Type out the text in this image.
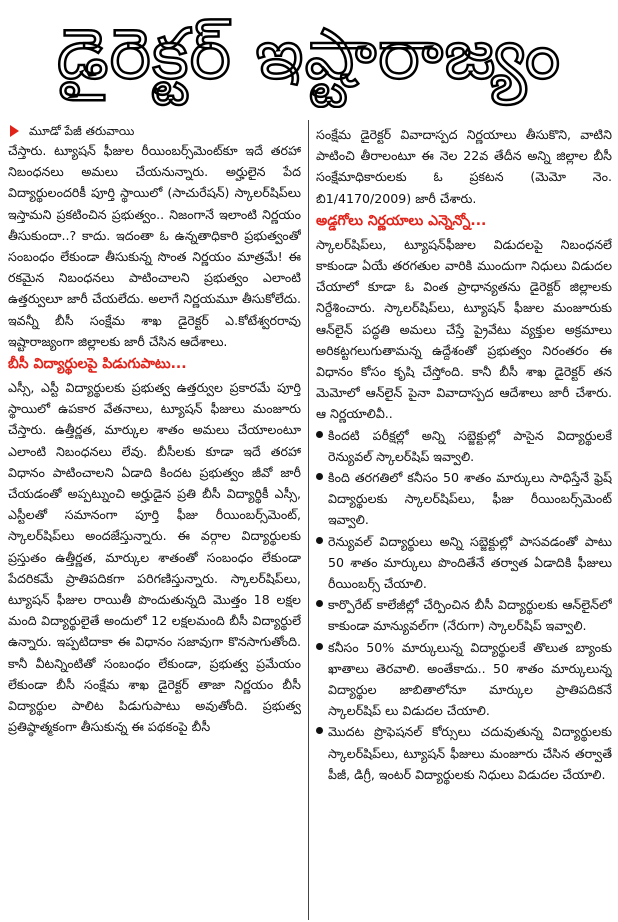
డైరెక్టర్ ఇష్టారాజ్యం
మూడో పేజీ తరువాయి

చేస్తారు. ట్యూషన్ ఫీజుల రీయింబర్స్‌మెంట్‌కూ ఇదే తరహా నిబంధనలు అమలు చేయనున్నారు. అర్హులైన పేద విద్యార్థులందరికీ పూర్తి స్థాయిలో (సాచురేషన్) స్కాలర్‌షిప్‌లు ఇస్తామని ప్రకటించిన ప్రభుత్వం.. నిజంగానే ఇలాంటి నిర్ణయం తీసుకుందా..? కాదు. ఇదంతా ఓ ఉన్నతాధికారి ప్రభుత్వంతో సంబంధం లేకుండా తీసుకున్న సొంత నిర్ణయం మాత్రమే! ఈ రకమైన నిబంధనలు పాటించాలని ప్రభుత్వం ఎలాంటి ఉత్తర్వులూ జారీ చేయలేదు. అలాగే నిర్ణయమూ తీసుకోలేదు. ఇవన్నీ బీసీ సంక్షేమ శాఖ డైరెక్టర్ ఎ.కోటేశ్వరరావు ఇష్టారాజ్యంగా జిల్లాలకు జారీ చేసిన ఆదేశాలు.

బీసీ విద్యార్థులపై పిడుగుపాటు...

ఎస్సీ, ఎస్టీ విద్యార్థులకు ప్రభుత్వ ఉత్తర్వుల ప్రకారమే పూర్తి స్థాయిలో ఉపకార వేతనాలు, ట్యూషన్ ఫీజులు మంజూరు చేస్తారు. ఉత్తీర్ణత, మార్కుల శాతం అమలు చేయాలంటూ ఎలాంటి నిబంధనలు లేవు. బీసీలకు కూడా ఇదే తరహా విధానం పాటించాలని ఏడాది కిందట ప్రభుత్వం జీవో జారీ చేయడంతో అప్పట్నుంచి అర్హుడైన ప్రతి బీసీ విద్యార్థికీ ఎస్సీ, ఎస్టీలతో సమానంగా పూర్తి ఫీజు రీయింబర్స్‌మెంట్, స్కాలర్‌షిప్‌లు అందజేస్తున్నారు. ఈ వర్గాల విద్యార్థులకు ప్రస్తుతం ఉత్తీర్ణత, మార్కుల శాతంతో సంబంధం లేకుండా పేదరికమే ప్రాతిపదికగా పరిగణిస్తున్నారు. స్కాలర్‌షిప్‌లు, ట్యూషన్ ఫీజుల రాయితీ పొందుతున్నది మొత్తం 18 లక్షల మంది విద్యార్థులైతే అందులో 12 లక్షలమంది బీసీ విద్యార్థులే ఉన్నారు. ఇప్పటిదాకా ఈ విధానం సజావుగా కొనసాగుతోంది. కానీ వీటన్నింటితో సంబంధం లేకుండా, ప్రభుత్వ ప్రమేయం లేకుండా బీసీ సంక్షేమ శాఖ డైరెక్టర్ తాజా నిర్ణయం బీసీ విద్యార్థుల పాలిట పిడుగుపాటు అవుతోంది. ప్రభుత్వ ప్రతిష్ఠాత్మకంగా తీసుకున్న ఈ పథకంపై బీసీ

సంక్షేమ డైరెక్టర్ వివాదాస్పద నిర్ణయాలు తీసుకొని, వాటిని పాటించి తీరాలంటూ ఈ నెల 22వ తేదీన అన్ని జిల్లాల బీసీ సంక్షేమాధికారులకు ఓ ప్రకటన (మెమో నెం. బి1/4170/2009) జారీ చేశారు.

అడ్డగోలు నిర్ణయాలు ఎన్నెన్నో...

స్కాలర్‌షిప్‌లు, ట్యూషన్‌ఫీజుల విడుదలపై నిబంధనలే కాకుండా ఏయే తరగతుల వారికి ముందుగా నిధులు విడుదల చేయాలో కూడా ఓ వింత ప్రాధాన్యతను డైరెక్టర్ జిల్లాలకు నిర్దేశించారు. స్కాలర్‌షిప్‌లు, ట్యూషన్ ఫీజుల మంజూరుకు ఆన్‌లైన్ పద్ధతి అమలు చేస్తే ప్రైవేటు వ్యక్తుల అక్రమాలు అరికట్టగలుగుతామన్న ఉద్దేశంతో ప్రభుత్వం నిరంతరం ఈ విధానం కోసం కృషి చేస్తోంది. కానీ బీసీ శాఖ డైరెక్టర్ తన మెమోలో ఆన్‌లైన్ పైనా వివాదాస్పద ఆదేశాలు జారీ చేశారు. ఆ నిర్ణయాలివీ..

కిందటి పరీక్షల్లో అన్ని సబ్జెక్టుల్లో పాసైన విద్యార్థులకే రెన్యువల్ స్కాలర్‌షిప్ ఇవ్వాలి.
కింది తరగతిలో కనీసం 50 శాతం మార్కులు సాధిస్తేనే ఫ్రెష్ విద్యార్థులకు స్కాలర్‌షిప్‌లు, ఫీజు రీయింబర్స్‌మెంట్ ఇవ్వాలి.
రెన్యువల్ విద్యార్థులు అన్ని సబ్జెక్టుల్లో పాసవడంతో పాటు 50 శాతం మార్కులు పొందితేనే తర్వాత ఏడాదికి ఫీజులు రీయింబర్స్ చేయాలి.
కార్పొరేట్ కాలేజీల్లో చేర్పించిన బీసీ విద్యార్థులకు ఆన్‌లైన్‌లో కాకుండా మాన్యువల్‌గా (నేరుగా) స్కాలర్‌షిప్ ఇవ్వాలి.
కనీసం 50% మార్కులున్న విద్యార్థులకే తొలుత బ్యాంకు ఖాతాలు తెరవాలి. అంతేకాదు.. 50 శాతం మార్కులున్న విద్యార్థుల జాబితాలోనూ మార్కుల ప్రాతిపదికనే స్కాలర్‌షిప్ లు విడుదల చేయాలి.
మొదట ప్రొఫెషనల్ కోర్సులు చదువుతున్న విద్యార్థులకు స్కాలర్‌షిప్‌లు, ట్యూషన్ ఫీజులు మంజూరు చేసిన తర్వాతే పీజీ, డిగ్రీ, ఇంటర్ విద్యార్థులకు నిధులు విడుదల చేయాలి.
